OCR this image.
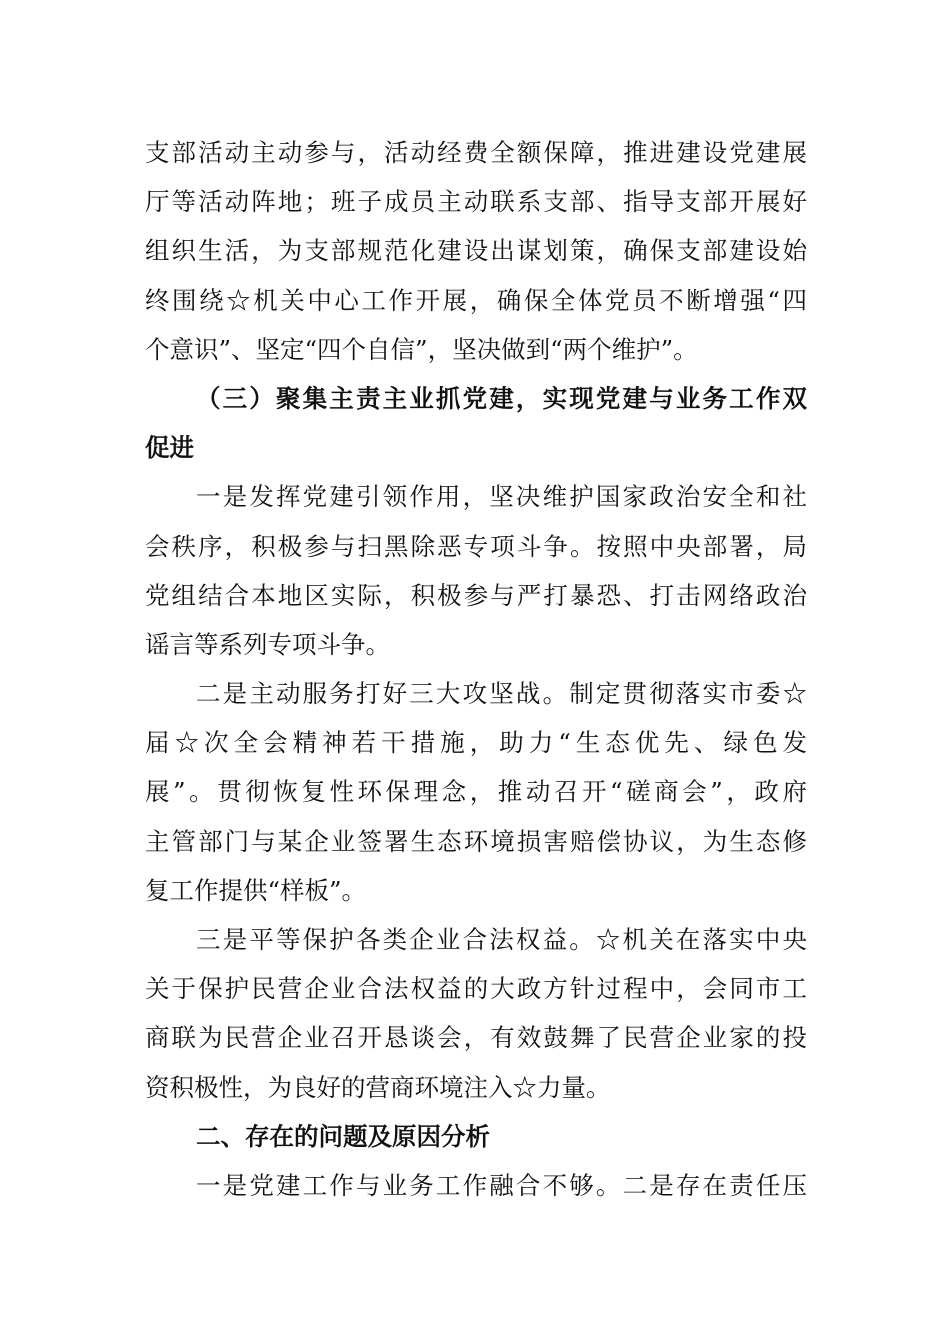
支部活动主动参与，活动经费全额保障，推进建设党建展
厅等活动阵地；班子成员主动联系支部、指导支部开展好
组织生活，为支部规范化建设出谋划策，确保支部建设始
终围绕☆机关中心工作开展，确保全体党员不断增强“四
个意识”、坚定“四个自信”，坚决做到“两个维护”。
（三）聚集主责主业抓党建，实现党建与业务工作双
促进
一是发挥党建引领作用，坚决维护国家政治安全和社
会秩序，积极参与扫黑除恶专项斗争。按照中央部署，局
党组结合本地区实际，积极参与严打暴恐、打击网络政治
谣言等系列专项斗争。
二是主动服务打好三大攻坚战。制定贯彻落实市委☆
届☆次全会精神若干措施，助力“生态优先、绿色发
展”。贯彻恢复性环保理念，推动召开“磋商会”，政府
主管部门与某企业签署生态环境损害赔偿协议，为生态修
复工作提供“样板”。
三是平等保护各类企业合法权益。☆机关在落实中央
关于保护民营企业合法权益的大政方针过程中，会同市工
商联为民营企业召开恳谈会，有效鼓舞了民营企业家的投
资积极性，为良好的营商环境注入☆力量。
二、存在的问题及原因分析
一是党建工作与业务工作融合不够。二是存在责任压
